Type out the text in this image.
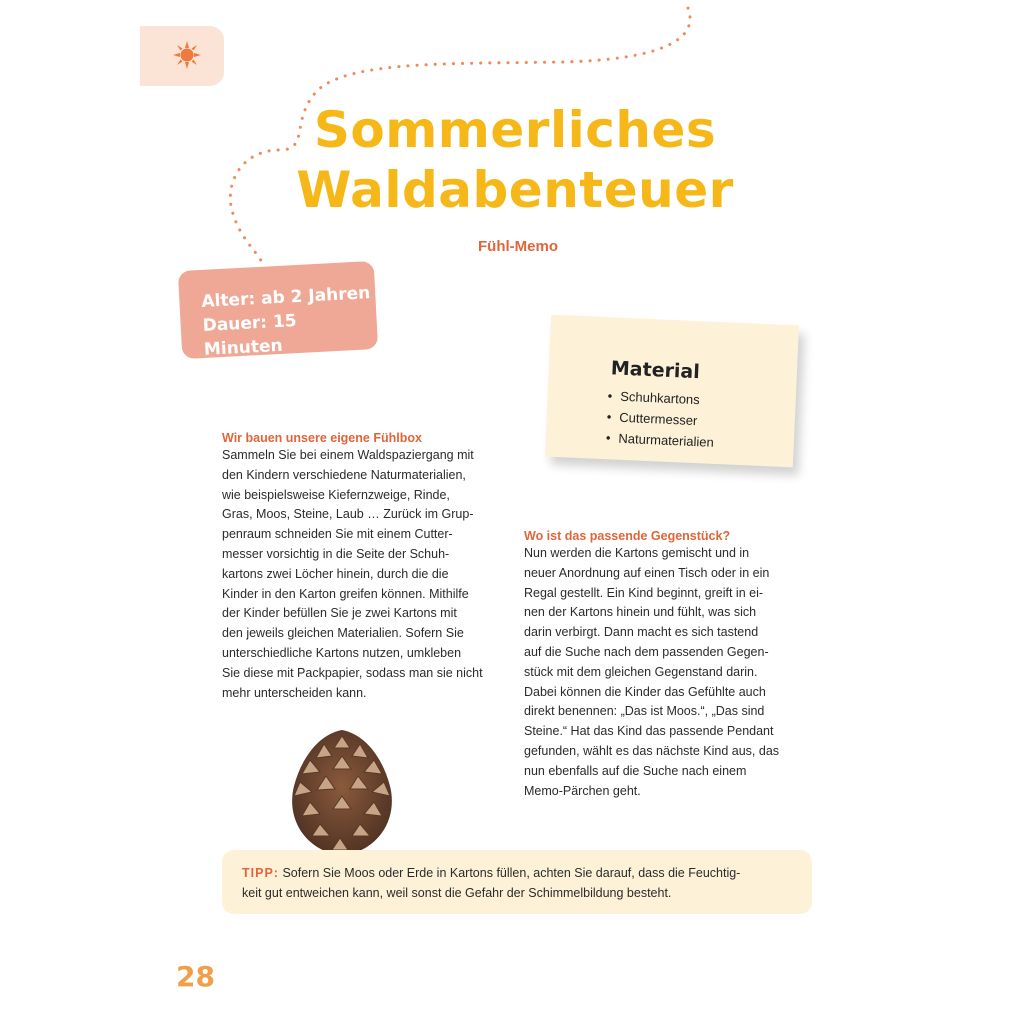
Sommerliches
Waldabenteuer
Fühl-Memo
Alter: ab 2 Jahren
Dauer: 15 Minuten
Material
• Schuhkartons
• Cuttermesser
• Naturmaterialien
Wir bauen unsere eigene Fühlbox
Sammeln Sie bei einem Waldspaziergang mit
den Kindern verschiedene Naturmaterialien,
wie beispielsweise Kiefernzweige, Rinde,
Gras, Moos, Steine, Laub … Zurück im Grup-
penraum schneiden Sie mit einem Cutter-
messer vorsichtig in die Seite der Schuh-
kartons zwei Löcher hinein, durch die die
Kinder in den Karton greifen können. Mithilfe
der Kinder befüllen Sie je zwei Kartons mit
den jeweils gleichen Materialien. Sofern Sie
unterschiedliche Kartons nutzen, umkleben
Sie diese mit Packpapier, sodass man sie nicht
mehr unterscheiden kann.
Wo ist das passende Gegenstück?
Nun werden die Kartons gemischt und in
neuer Anordnung auf einen Tisch oder in ein
Regal gestellt. Ein Kind beginnt, greift in ei-
nen der Kartons hinein und fühlt, was sich
darin verbirgt. Dann macht es sich tastend
auf die Suche nach dem passenden Gegen-
stück mit dem gleichen Gegenstand darin.
Dabei können die Kinder das Gefühlte auch
direkt benennen: „Das ist Moos.“, „Das sind
Steine.“ Hat das Kind das passende Pendant
gefunden, wählt es das nächste Kind aus, das
nun ebenfalls auf die Suche nach einem
Memo-Pärchen geht.

TIPP: Sofern Sie Moos oder Erde in Kartons füllen, achten Sie darauf, dass die Feuchtig-
keit gut entweichen kann, weil sonst die Gefahr der Schimmelbildung besteht.

28
